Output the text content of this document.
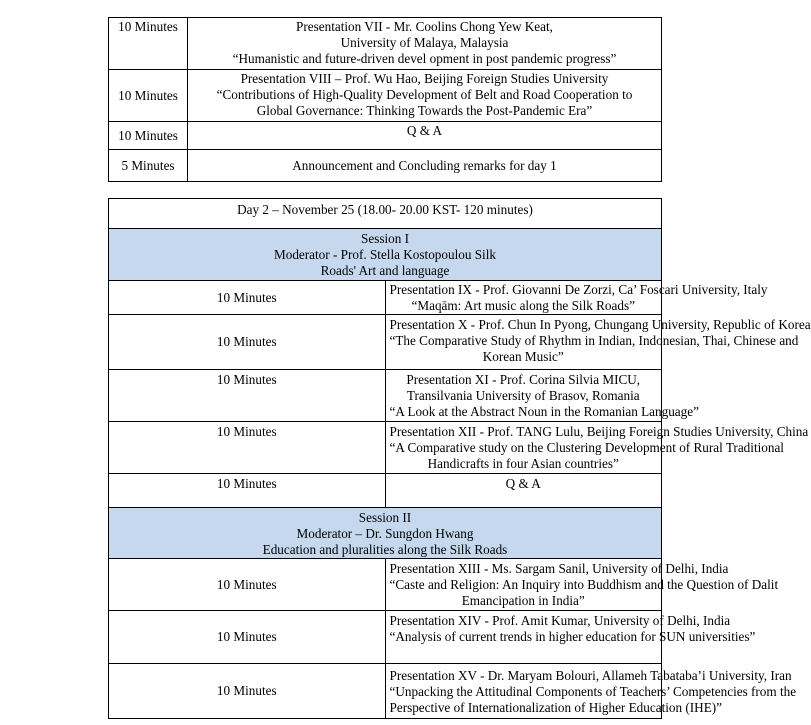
10 Minutes	Presentation VII - Mr. Coolins Chong Yew Keat,
University of Malaya, Malaysia
“Humanistic and future-driven devel opment in post pandemic progress”

10 Minutes	Presentation VIII – Prof. Wu Hao, Beijing Foreign Studies University
“Contributions of High-Quality Development of Belt and Road Cooperation to
Global Governance: Thinking Towards the Post-Pandemic Era”

10 Minutes	Q & A

5 Minutes	Announcement and Concluding remarks for day 1
Day 2 – November 25 (18.00- 20.00 KST- 120 minutes)	

Session I
Moderator - Prof. Stella Kostopoulou Silk
Roads' Art and language	

10 Minutes	Presentation IX - Prof. Giovanni De Zorzi, Ca’ Foscari University, Italy
“Maqām: Art music along the Silk Roads”

10 Minutes	Presentation X - Prof. Chun In Pyong, Chungang University, Republic of Korea
“The Comparative Study of Rhythm in Indian, Indonesian, Thai, Chinese and
Korean Music”

10 Minutes	Presentation XI - Prof. Corina Silvia MICU,
Transilvania University of Brasov, Romania
“A Look at the Abstract Noun in the Romanian Language”

10 Minutes	Presentation XII - Prof. TANG Lulu, Beijing Foreign Studies University, China
“A Comparative study on the Clustering Development of Rural Traditional
Handicrafts in four Asian countries”

10 Minutes	Q & A

Session II
Moderator – Dr. Sungdon Hwang
Education and pluralities along the Silk Roads	

10 Minutes	Presentation XIII - Ms. Sargam Sanil, University of Delhi, India
“Caste and Religion: An Inquiry into Buddhism and the Question of Dalit
Emancipation in India”

10 Minutes	Presentation XIV - Prof. Amit Kumar, University of Delhi, India
“Analysis of current trends in higher education for SUN universities”

10 Minutes	Presentation XV - Dr. Maryam Bolouri, Allameh Tabataba’i University, Iran
“Unpacking the Attitudinal Components of Teachers’ Competencies from the
Perspective of Internationalization of Higher Education (IHE)”
